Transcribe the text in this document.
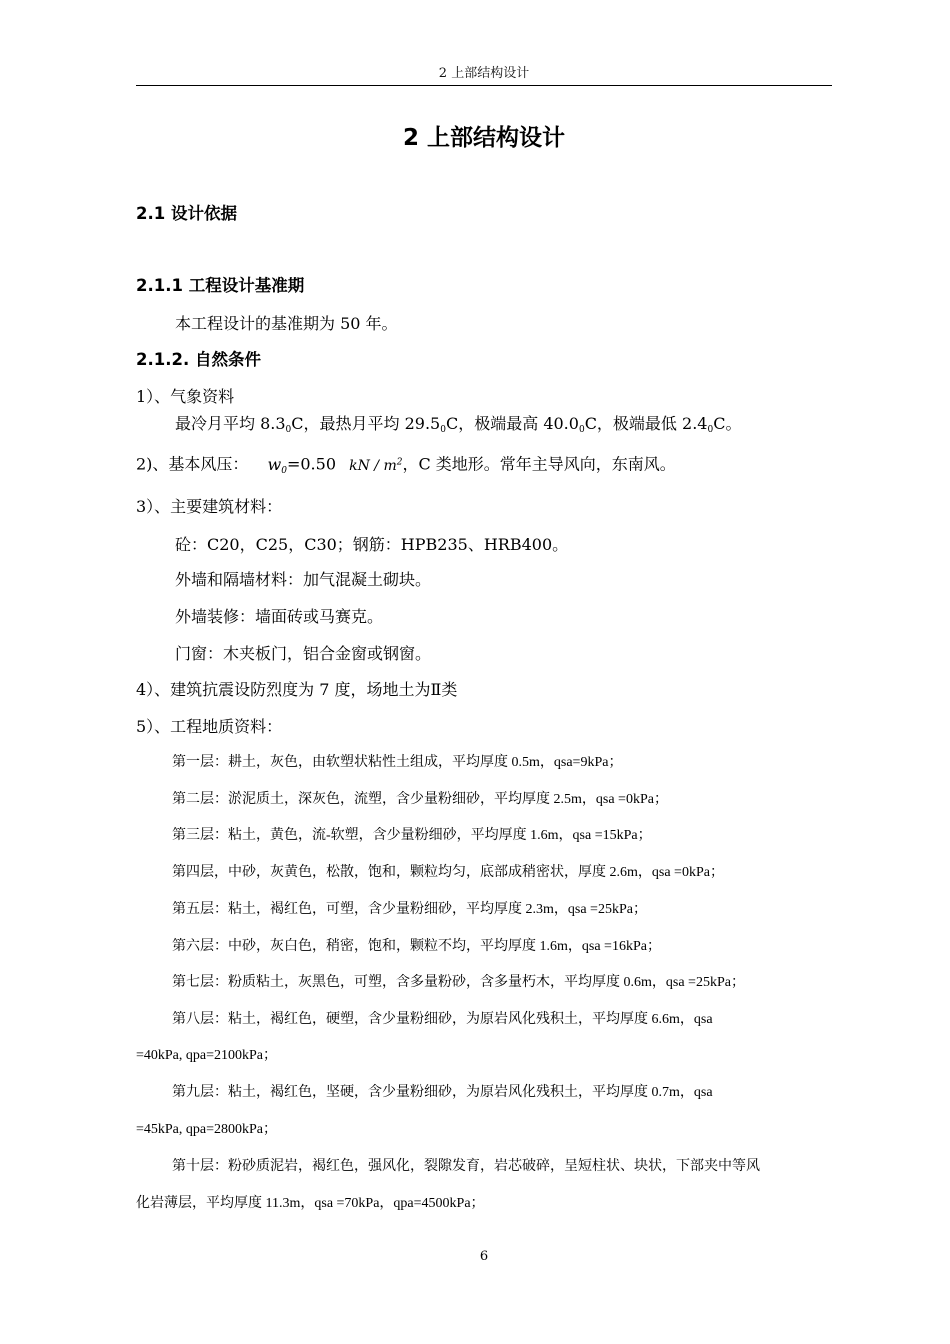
2 上部结构设计
2 上部结构设计
2.1 设计依据
2.1.1 工程设计基准期
本工程设计的基准期为 50 年。
2.1.2. 自然条件
1）、气象资料
最冷月平均 $8.3_0C$，最热月平均 $29.5_0C$，极端最高 $40.0_0C$，极端最低 $2.4_0C$。
2)、基本风压： $w_0=0.50$ kN / $m^2$，C 类地形。常年主导风向，东南风。
3）、主要建筑材料：
砼：C20，C25，C30；钢筋：HPB235、HRB400。
外墙和隔墙材料：加气混凝土砌块。
外墙装修：墙面砖或马赛克。
门窗：木夹板门，铝合金窗或钢窗。
4）、建筑抗震设防烈度为 7 度，场地土为Ⅱ类
5）、工程地质资料：
第一层：耕土，灰色，由软塑状粘性土组成，平均厚度 0.5m，qsa=9kPa；
第二层：淤泥质土，深灰色，流塑，含少量粉细砂，平均厚度 2.5m，qsa =0kPa；
第三层：粘土，黄色，流-软塑，含少量粉细砂，平均厚度 1.6m，qsa =15kPa；
第四层，中砂，灰黄色，松散，饱和，颗粒均匀，底部成稍密状，厚度 2.6m，qsa =0kPa；
第五层：粘土，褐红色，可塑，含少量粉细砂，平均厚度 2.3m，qsa =25kPa；
第六层：中砂，灰白色，稍密，饱和，颗粒不均，平均厚度 1.6m，qsa =16kPa；
第七层：粉质粘土，灰黑色，可塑，含多量粉砂，含多量朽木，平均厚度 0.6m，qsa =25kPa；
第八层：粘土，褐红色，硬塑，含少量粉细砂，为原岩风化残积土，平均厚度 6.6m，qsa
=40kPa, qpa=2100kPa；
第九层：粘土，褐红色，坚硬，含少量粉细砂，为原岩风化残积土，平均厚度 0.7m，qsa
=45kPa, qpa=2800kPa；
第十层：粉砂质泥岩，褐红色，强风化，裂隙发育，岩芯破碎，呈短柱状、块状，下部夹中等风
化岩薄层，平均厚度 11.3m，qsa =70kPa，qpa=4500kPa；
6
